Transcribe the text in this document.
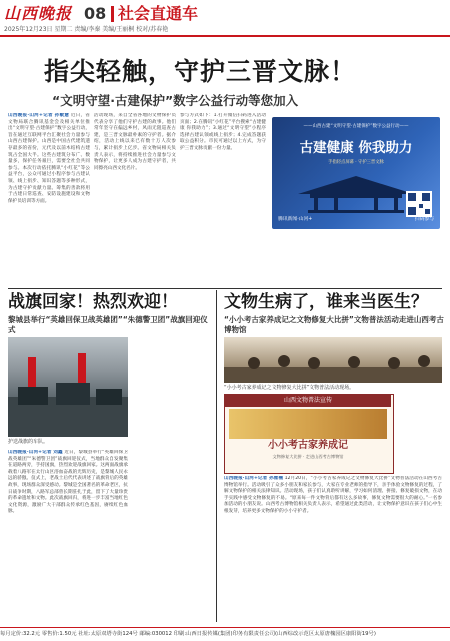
山西晚报 08 社会直通车
2025年12月23日 星期二 责编/李秦 美编/王丽桐 校对/苏春艳
指尖轻触，守护三晋文脉！
“文明守望·古建保护”数字公益行动等您加入
山西晚报·山河+记者 孙敏慧 近日，省文物局联合腾讯基金会及相关单位推出“文明守望·古建保护”数字公益行动，旨在通过互联网平台汇聚社会力量参与山西古建保护。山西是中国古代建筑遗存最多的省份，元代及以前木结构古建筑占全国大半。这些古建筑分布广、数量多，保护任务艰巨，需要全社会共同参与。本次行动依托腾讯“小红花”等公益平台，公众可通过小程序参与古建认领、线上捐步、知识答题等多种形式，为古建守护贡献力量。筹集的善款将用于古建日常巡查、安防设施建设和文物保护员培训等方面。
活动现场，来自全省各地的文物保护员代表分享了他们守护古建的故事。他们常年坚守在偏远乡村，风雨无阻巡查古建，是三晋文脉最朴素的守护者。据介绍，活动上线以来已有数十万人次参与，累计捐步上亿步。省文物局相关负责人表示，将持续推进社会力量参与文物保护，让更多人成为古建守护者，共同擦亮山西文化名片。
参与方式如下：1.打开微信扫码进入活动页面；2.在腾讯“小红花”平台搜索“古建健康 你我助力”；3.通过“文明守望”小程序选择古建认领或线上捐步；4.完成答题获取公益积分。市民可通过以上方式，为守护三晋文脉贡献一份力量。
——山西古建“文明守望·古建保护”数字公益行动——
古建健康 你我助力
手指轻点屏幕 · 守护三晋文脉
腾讯新闻·山河+	扫码参与
战旗回家！热烈欢迎！
黎城县举行“英雄回保卫战英雄团”“朱德警卫团”战旗回迎仪式
护送战旗的车队。
山西晚报·山河+记者 刘鑫 近日，黎城县举行“英雄回保卫战英雄团”“朱德警卫团”战旗回迎仪式，当地群众自发聚集在道路两旁，手持国旗，热烈欢迎战旗回家。这两面战旗承载着八路军在太行山区浴血奋战的光辉历史，是黎城人民永远的骄傲。仪式上，老战士后代代表讲述了战旗背后的英雄故事，现场群众深受感动。黎城是全国著名的革命老区，抗日战争时期，八路军总部曾长期驻扎于此，留下了大量珍贵的革命遗址和文物。此次战旗回归，将进一步丰富当地红色文化资源，激励广大干部群众传承红色基因，赓续红色血脉。
文物生病了，谁来当医生？
“小小考古家养成记之文物修复大比拼”文物普法活动走进山西考古博物馆
“小小考古家养成记之文物修复大比拼”文物普法活动现场。
山西文物普法宣传
小小考古家养成记
文物修复大比拼 · 走进山西考古博物馆
山西晚报·山河+记者 孙雅楠 12月20日，“小小考古家养成记之文物修复大比拼”文物普法活动在山西考古博物馆举行。活动吸引了众多小朋友和家长参与，大家在专业老师的指导下，亲手体验文物修复的过程，了解文物保护的相关法律知识。活动现场，孩子们认真聆听讲解，学习如何清理、拼接、修复破损文物，在动手实践中感受文物修复的不易。“原来每一件文物背后都有这么多故事，修复文物需要很大的耐心。”一名参加活动的小朋友说。山西考古博物馆相关负责人表示，希望通过此类活动，让文物保护意识在孩子们心中生根发芽，培养更多文物保护的小小守护者。
每月定价:32.2元 零售价:1.50元 社址:太原双塔寺街124号 邮编:030012 印刷:山西日报传媒(集团)印务有限责任公司(山西综改示范区太原唐槐园区康阳街19号)
